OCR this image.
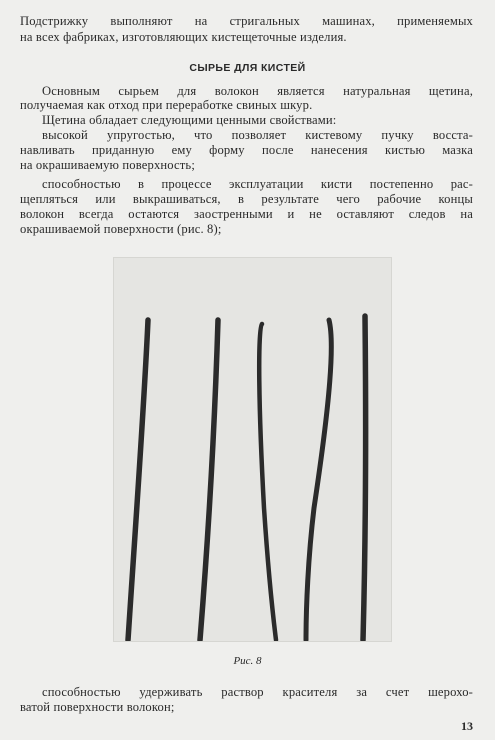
Подстрижку выполняют на стригальных машинах, применяемых
на всех фабриках, изготовляющих кистещеточные изделия.
СЫРЬЕ ДЛЯ КИСТЕЙ
Основным сырьем для волокон является натуральная щетина,
получаемая как отход при переработке свиных шкур.
Щетина обладает следующими ценными свойствами:
высокой упругостью, что позволяет кистевому пучку восста-
навливать приданную ему форму после нанесения кистью мазка
на окрашиваемую поверхность;
способностью в процессе эксплуатации кисти постепенно рас-
щепляться или выкрашиваться, в результате чего рабочие концы
волокон всегда остаются заостренными и не оставляют следов на
окрашиваемой поверхности (рис. 8);
Рис. 8
способностью удерживать раствор красителя за счет шерохо-
ватой поверхности волокон;
13
